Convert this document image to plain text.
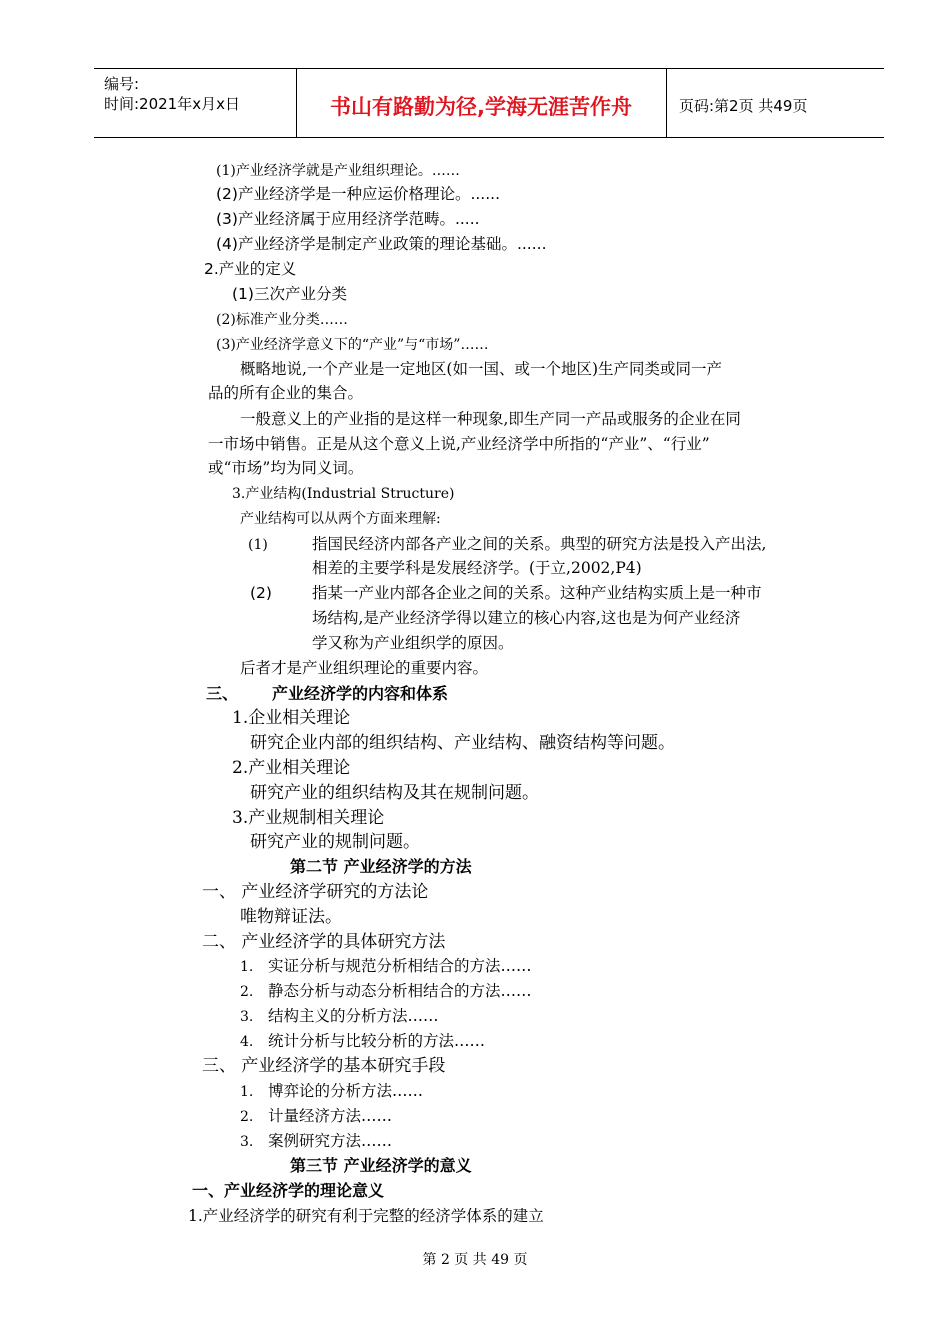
编号:
时间:2021年x月x日	书山有路勤为径,学海无涯苦作舟	页码:第2页 共49页
(1)产业经济学就是产业组织理论。……
(2)产业经济学是一种应运价格理论。......
(3)产业经济属于应用经济学范畴。.....
(4)产业经济学是制定产业政策的理论基础。......
2.产业的定义
(1)三次产业分类
(2)标准产业分类……
(3)产业经济学意义下的“产业”与“市场”……
概略地说,一个产业是一定地区(如一国、或一个地区)生产同类或同一产
品的所有企业的集合。
一般意义上的产业指的是这样一种现象,即生产同一产品或服务的企业在同
一市场中销售。正是从这个意义上说,产业经济学中所指的“产业”、“行业”
或“市场”均为同义词。
3.产业结构(Industrial Structure)
产业结构可以从两个方面来理解:
(1)	指国民经济内部各产业之间的关系。典型的研究方法是投入产出法,
相差的主要学科是发展经济学。(于立,2002,P4)
(2)	指某一产业内部各企业之间的关系。这种产业结构实质上是一种市
场结构,是产业经济学得以建立的核心内容,这也是为何产业经济
学又称为产业组织学的原因。
后者才是产业组织理论的重要内容。
三、 产业经济学的内容和体系
1.企业相关理论
研究企业内部的组织结构、产业结构、融资结构等问题。
2.产业相关理论
研究产业的组织结构及其在规制问题。
3.产业规制相关理论
研究产业的规制问题。
第二节 产业经济学的方法
一、 产业经济学研究的方法论
唯物辩证法。
二、 产业经济学的具体研究方法
1. 实证分析与规范分析相结合的方法……
2. 静态分析与动态分析相结合的方法……
3. 结构主义的分析方法……
4. 统计分析与比较分析的方法……
三、 产业经济学的基本研究手段
1. 博弈论的分析方法……
2. 计量经济方法……
3. 案例研究方法……
第三节 产业经济学的意义
一、产业经济学的理论意义
1.产业经济学的研究有利于完整的经济学体系的建立
第 2 页 共 49 页
